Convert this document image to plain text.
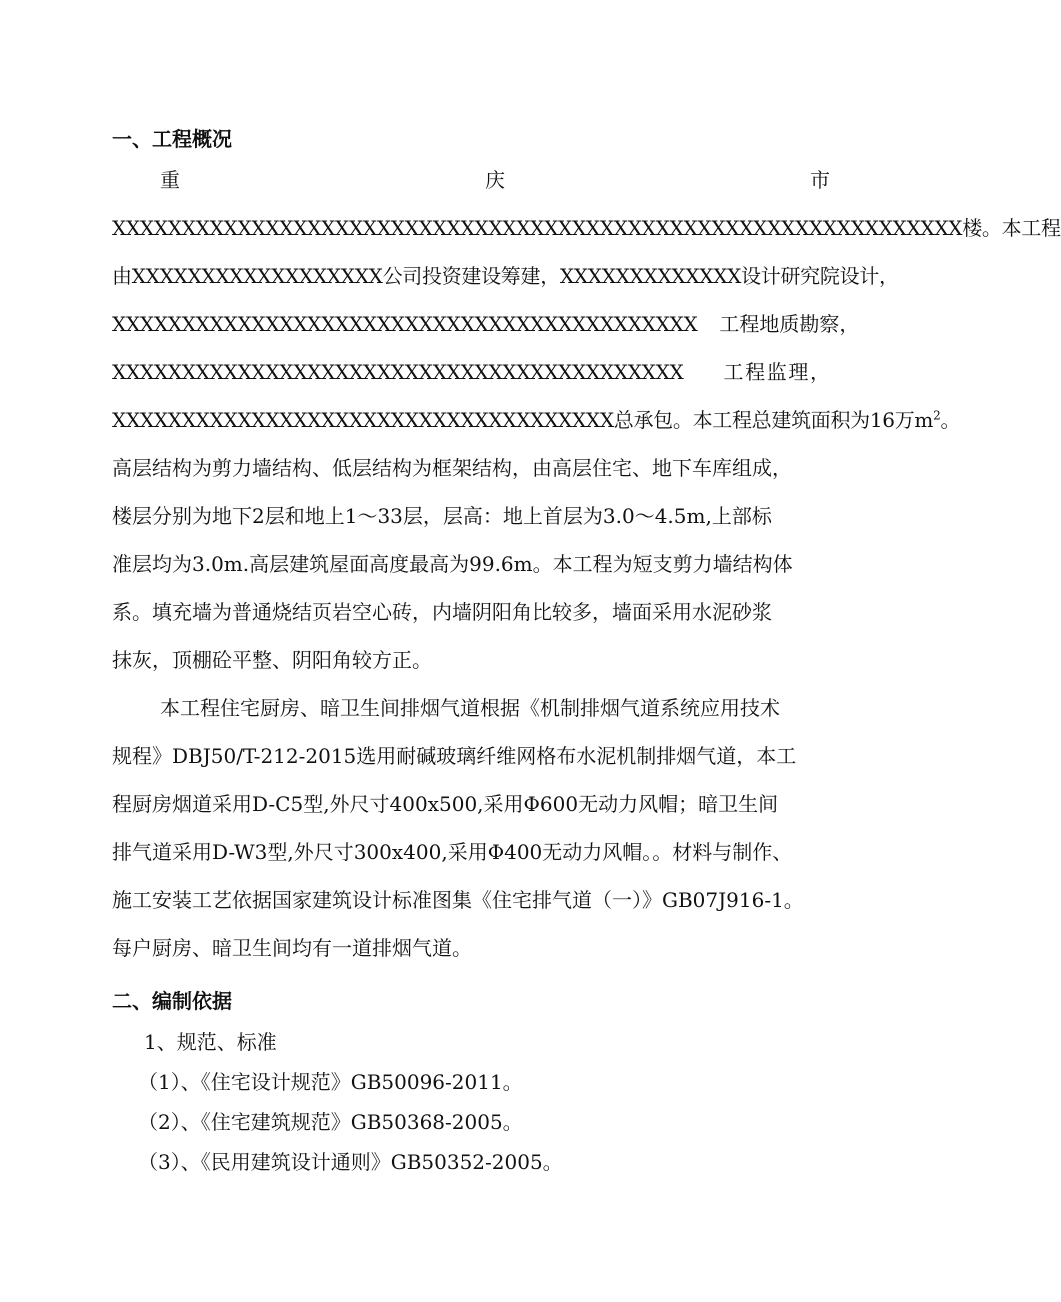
一、工程概况
重	庆	市
XXXXXXXXXXXXXXXXXXXXXXXXXXXXXXXXXXXXXXXXXXXXXXXXXXXXXXXXXXXXX楼。本工程
由XXXXXXXXXXXXXXXXXX公司投资建设筹建，XXXXXXXXXXXXX设计研究院设计，
XXXXXXXXXXXXXXXXXXXXXXXXXXXXXXXXXXXXXXXXXX 工 程 地 质 勘 察 ，
XXXXXXXXXXXXXXXXXXXXXXXXXXXXXXXXXXXXXXXXX 工 程 监 理 ，
XXXXXXXXXXXXXXXXXXXXXXXXXXXXXXXXXXXX总承包。本工程总建筑面积为16万$m^2$。
高层结构为剪力墙结构、低层结构为框架结构，由高层住宅、地下车库组成，
楼层分别为地下2层和地上1～33层，层高：地上首层为3.0～4.5m,上部标
准层均为3.0m.高层建筑屋面高度最高为99.6m。本工程为短支剪力墙结构体
系。填充墙为普通烧结页岩空心砖，内墙阴阳角比较多，墙面采用水泥砂浆
抹灰，顶棚砼平整、阴阳角较方正。
本工程住宅厨房、暗卫生间排烟气道根据《机制排烟气道系统应用技术
规程》DBJ50/T-212-2015选用耐碱玻璃纤维网格布水泥机制排烟气道，本工
程厨房烟道采用D-C5型,外尺寸400x500,采用Φ600无动力风帽；暗卫生间
排气道采用D-W3型,外尺寸300x400,采用Φ400无动力风帽。。材料与制作、
施工安装工艺依据国家建筑设计标准图集《住宅排气道（一）》GB07J916-1。
每户厨房、暗卫生间均有一道排烟气道。
二、编制依据
1、规范、标准
（1）、《住宅设计规范》GB50096-2011。
（2）、《住宅建筑规范》GB50368-2005。
（3）、《民用建筑设计通则》GB50352-2005。
